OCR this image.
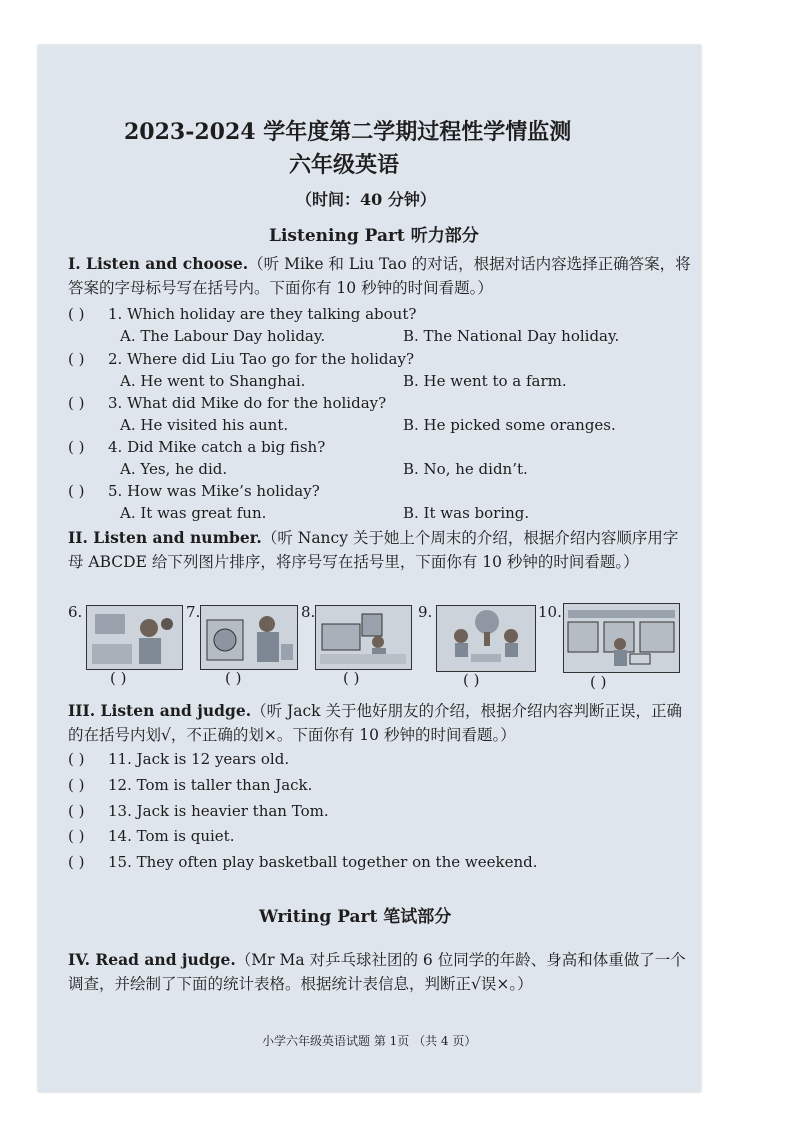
2023-2024 学年度第二学期过程性学情监测
六年级英语
（时间：40 分钟）
Listening Part 听力部分
I. Listen and choose.（听 Mike 和 Liu Tao 的对话，根据对话内容选择正确答案，将答案的字母标号写在括号内。下面你有 10 秒钟的时间看题。）
( ) 1. Which holiday are they talking about?
A. The Labour Day holiday.	B. The National Day holiday.
( ) 2. Where did Liu Tao go for the holiday?
A. He went to Shanghai.	B. He went to a farm.
( ) 3. What did Mike do for the holiday?
A. He visited his aunt.	B. He picked some oranges.
( ) 4. Did Mike catch a big fish?
A. Yes, he did.	B. No, he didn’t.
( ) 5. How was Mike’s holiday?
A. It was great fun.	B. It was boring.
II. Listen and number.（听 Nancy 关于她上个周末的介绍，根据介绍内容顺序用字母 ABCDE 给下列图片排序，将序号写在括号里，下面你有 10 秒钟的时间看题。）
6.
( )
7.
( )
8.
( )
9.
( )
10.
( )
III. Listen and judge.（听 Jack 关于他好朋友的介绍，根据介绍内容判断正误，正确的在括号内划√，不正确的划×。下面你有 10 秒钟的时间看题。）
( ) 11. Jack is 12 years old.
( ) 12. Tom is taller than Jack.
( ) 13. Jack is heavier than Tom.
( ) 14. Tom is quiet.
( ) 15. They often play basketball together on the weekend.
Writing Part 笔试部分
IV. Read and judge.（Mr Ma 对乒乓球社团的 6 位同学的年龄、身高和体重做了一个调查，并绘制了下面的统计表格。根据统计表信息，判断正√误×。）
小学六年级英语试题 第 1页 （共 4 页）
